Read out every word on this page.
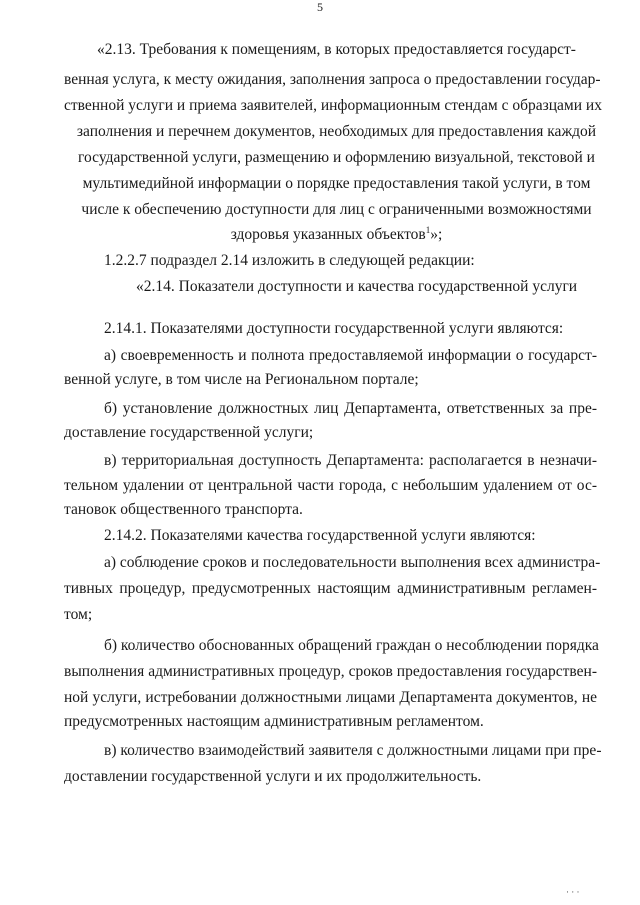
5
«2.13. Требования к помещениям, в которых предоставляется государст-
венная услуга, к месту ожидания, заполнения запроса о предоставлении государ-
ственной услуги и приема заявителей, информационным стендам с образцами их
заполнения и перечнем документов, необходимых для предоставления каждой
государственной услуги, размещению и оформлению визуальной, текстовой и
мультимедийной информации о порядке предоставления такой услуги, в том
числе к обеспечению доступности для лиц с ограниченными возможностями
здоровья указанных объектов$^1$»;
1.2.2.7 подраздел 2.14 изложить в следующей редакции:
«2.14. Показатели доступности и качества государственной услуги
2.14.1. Показателями доступности государственной услуги являются:
а) своевременность и полнота предоставляемой информации о государст-
венной услуге, в том числе на Региональном портале;
б) установление должностных лиц Департамента, ответственных за пре-
доставление государственной услуги;
в) территориальная доступность Департамента: располагается в незначи-
тельном удалении от центральной части города, с небольшим удалением от ос-
тановок общественного транспорта.
2.14.2. Показателями качества государственной услуги являются:
а) соблюдение сроков и последовательности выполнения всех администра-
тивных процедур, предусмотренных настоящим административным регламен-
том;
б) количество обоснованных обращений граждан о несоблюдении порядка
выполнения административных процедур, сроков предоставления государствен-
ной услуги, истребовании должностными лицами Департамента документов, не
предусмотренных настоящим административным регламентом.
в) количество взаимодействий заявителя с должностными лицами при пре-
доставлении государственной услуги и их продолжительность.
· · ·
